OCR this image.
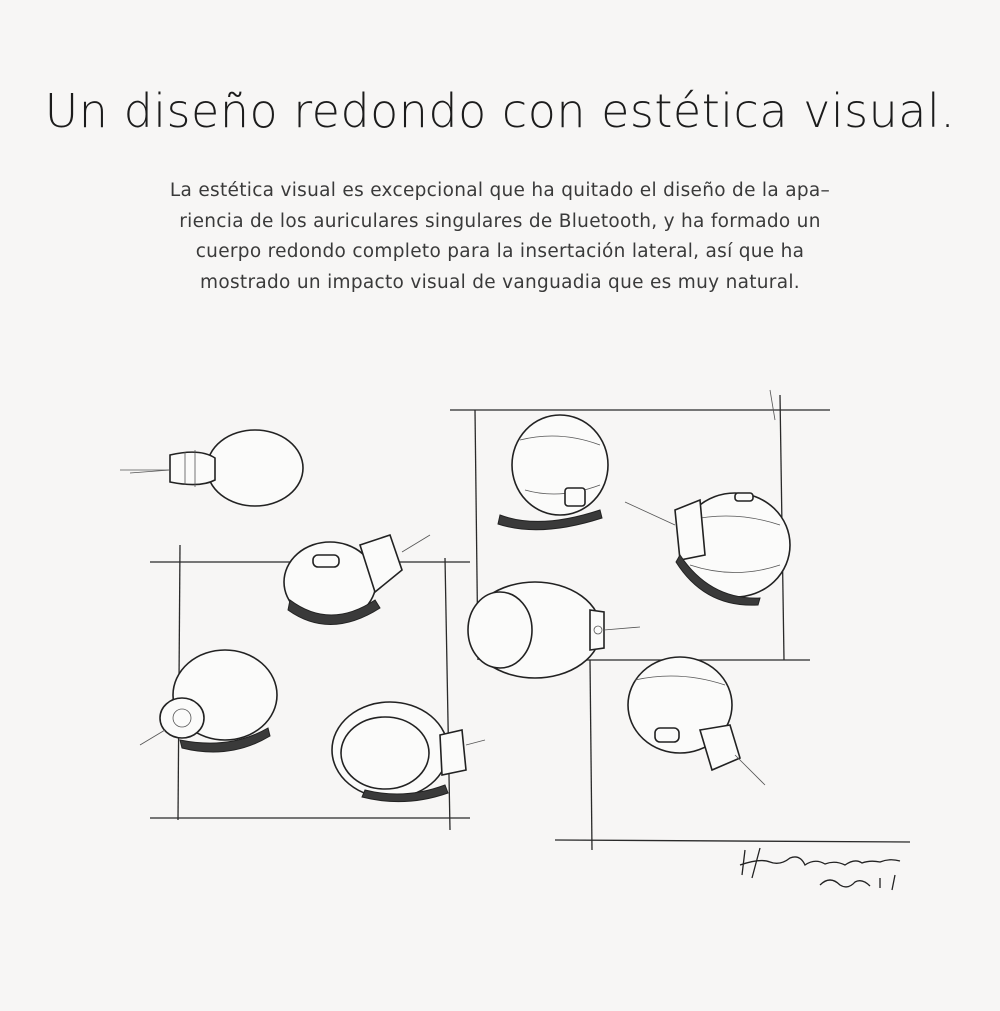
Un diseño redondo con estética visual.
La estética visual es excepcional que ha quitado el diseño de la apa–
riencia de los auriculares singulares de Bluetooth, y ha formado un
cuerpo redondo completo para la insertación lateral, así que ha
mostrado un impacto visual de vanguadia que es muy natural.
